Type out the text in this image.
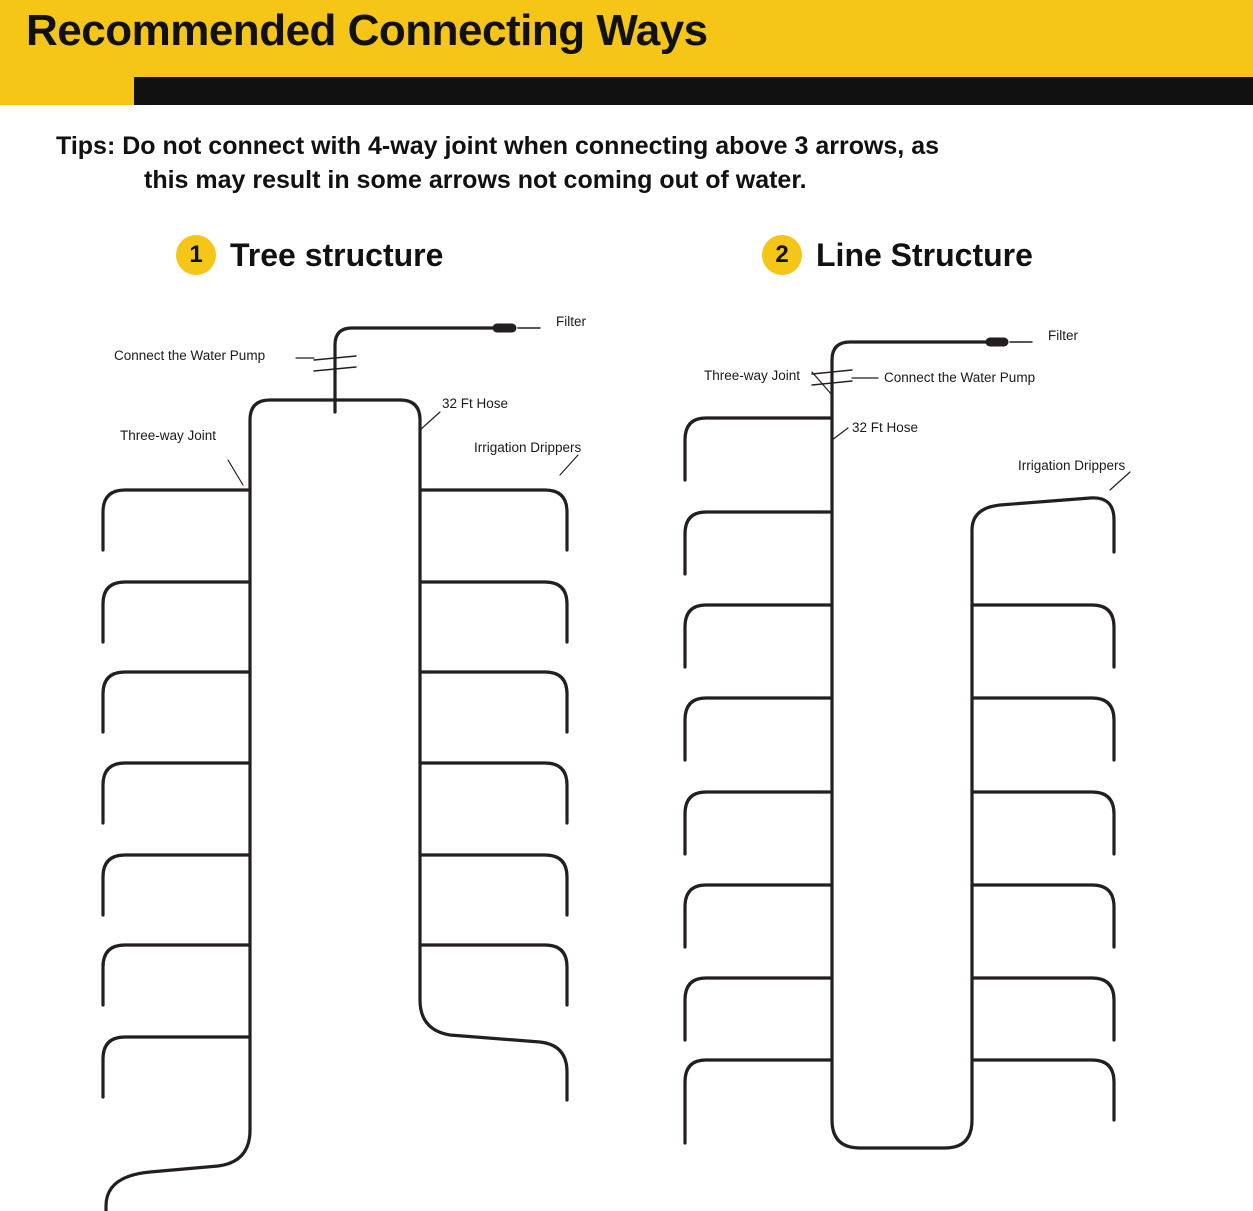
Recommended Connecting Ways
Tips: Do not connect with 4-way joint when connecting above 3 arrows, as
this may result in some arrows not coming out of water.
1 Tree structure	2 Line Structure
Filter
Connect the Water Pump
32 Ft Hose
Three-way Joint
Irrigation Drippers
Filter
Three-way Joint	Connect the Water Pump
32 Ft Hose
Irrigation Drippers
